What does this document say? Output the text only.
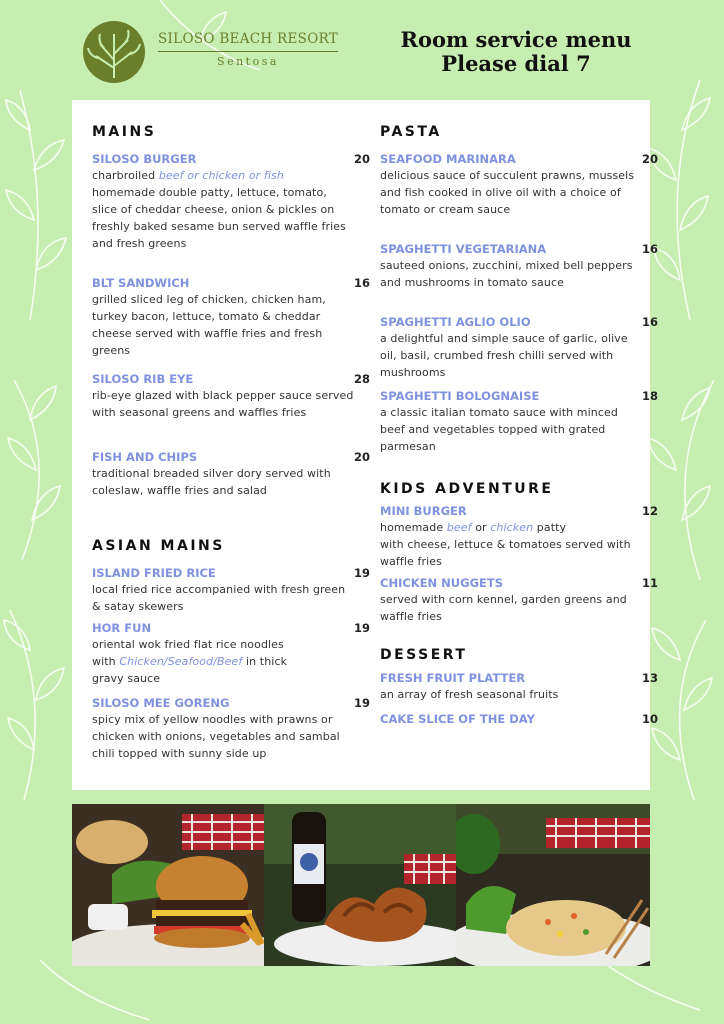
SILOSO BEACH RESORT
Sentosa
Room service menu
Please dial 7
MAINS
SILOSO BURGER	20
charbroiled beef or chicken or fish
homemade double patty, lettuce, tomato, slice of cheddar cheese, onion & pickles on freshly baked sesame bun served waffle fries and fresh greens
BLT SANDWICH	16
grilled sliced leg of chicken, chicken ham, turkey bacon, lettuce, tomato & cheddar cheese served with waffle fries and fresh greens
SILOSO RIB EYE	28
rib-eye glazed with black pepper sauce served with seasonal greens and waffles fries
FISH AND CHIPS	20
traditional breaded silver dory served with coleslaw, waffle fries and salad
ASIAN MAINS
ISLAND FRIED RICE	19
local fried rice accompanied with fresh green & satay skewers
HOR FUN	19
oriental wok fried flat rice noodles
with Chicken/Seafood/Beef in thick
gravy sauce
SILOSO MEE GORENG	19
spicy mix of yellow noodles with prawns or chicken with onions, vegetables and sambal chili topped with sunny side up
PASTA
SEAFOOD MARINARA	20
delicious sauce of succulent prawns, mussels and fish cooked in olive oil with a choice of tomato or cream sauce
SPAGHETTI VEGETARIANA	16
sauteed onions, zucchini, mixed bell peppers and mushrooms in tomato sauce
SPAGHETTI AGLIO OLIO	16
a delightful and simple sauce of garlic, olive oil, basil, crumbed fresh chilli served with mushrooms
SPAGHETTI BOLOGNAISE	18
a classic italian tomato sauce with minced beef and vegetables topped with grated parmesan
KIDS ADVENTURE
MINI BURGER	12
homemade beef or chicken patty
with cheese, lettuce & tomatoes served with waffle fries
CHICKEN NUGGETS	11
served with corn kennel, garden greens and waffle fries
DESSERT
FRESH FRUIT PLATTER	13
an array of fresh seasonal fruits
CAKE SLICE OF THE DAY	10
